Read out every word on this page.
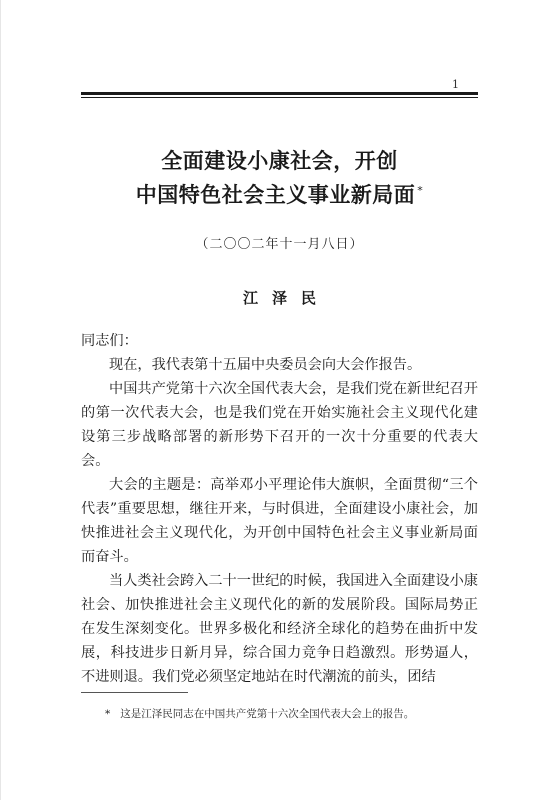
1
全面建设小康社会，开创
中国特色社会主义事业新局面 *
（二〇〇二年十一月八日）
江泽民

同志们：

现在，我代表第十五届中央委员会向大会作报告。

中国共产党第十六次全国代表大会，是我们党在新世纪召开的第一次代表大会，也是我们党在开始实施社会主义现代化建设第三步战略部署的新形势下召开的一次十分重要的代表大会。

大会的主题是：高举邓小平理论伟大旗帜，全面贯彻“三个代表”重要思想，继往开来，与时俱进，全面建设小康社会，加快推进社会主义现代化，为开创中国特色社会主义事业新局面而奋斗。

当人类社会跨入二十一世纪的时候，我国进入全面建设小康社会、加快推进社会主义现代化的新的发展阶段。国际局势正在发生深刻变化。世界多极化和经济全球化的趋势在曲折中发展，科技进步日新月异，综合国力竞争日趋激烈。形势逼人，不进则退。我们党必须坚定地站在时代潮流的前头，团结

* 这是江泽民同志在中国共产党第十六次全国代表大会上的报告。
